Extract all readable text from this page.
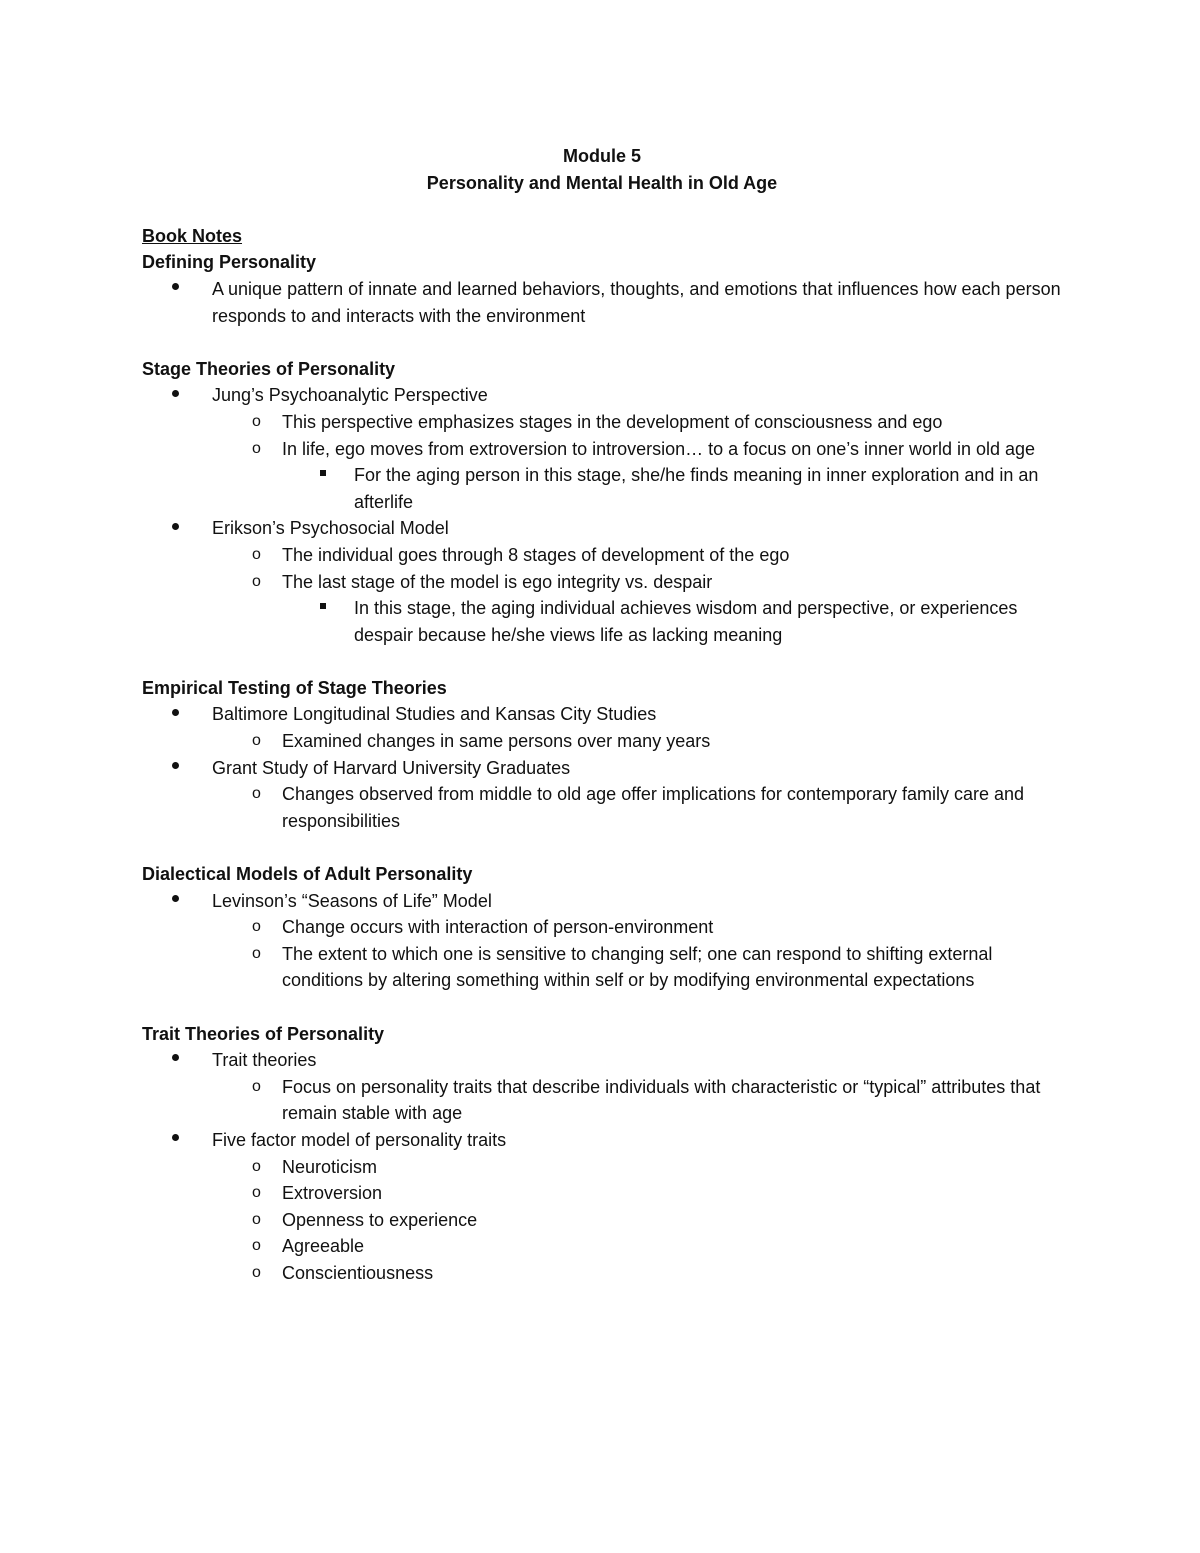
Module 5

Personality and Mental Health in Old Age

Book Notes

Defining Personality

A unique pattern of innate and learned behaviors, thoughts, and emotions that influences how each person responds to and interacts with the environment

Stage Theories of Personality

Jung’s Psychoanalytic Perspective
o This perspective emphasizes stages in the development of consciousness and ego
o In life, ego moves from extroversion to introversion… to a focus on one’s inner world in old age
For the aging person in this stage, she/he finds meaning in inner exploration and in an afterlife
Erikson’s Psychosocial Model
o The individual goes through 8 stages of development of the ego
o The last stage of the model is ego integrity vs. despair
In this stage, the aging individual achieves wisdom and perspective, or experiences despair because he/she views life as lacking meaning

Empirical Testing of Stage Theories

Baltimore Longitudinal Studies and Kansas City Studies
o Examined changes in same persons over many years
Grant Study of Harvard University Graduates
o Changes observed from middle to old age offer implications for contemporary family care and responsibilities

Dialectical Models of Adult Personality

Levinson’s “Seasons of Life” Model
o Change occurs with interaction of person-environment
o The extent to which one is sensitive to changing self; one can respond to shifting external conditions by altering something within self or by modifying environmental expectations

Trait Theories of Personality

Trait theories
o Focus on personality traits that describe individuals with characteristic or “typical” attributes that remain stable with age
Five factor model of personality traits
o Neuroticism
o Extroversion
o Openness to experience
o Agreeable
o Conscientiousness
